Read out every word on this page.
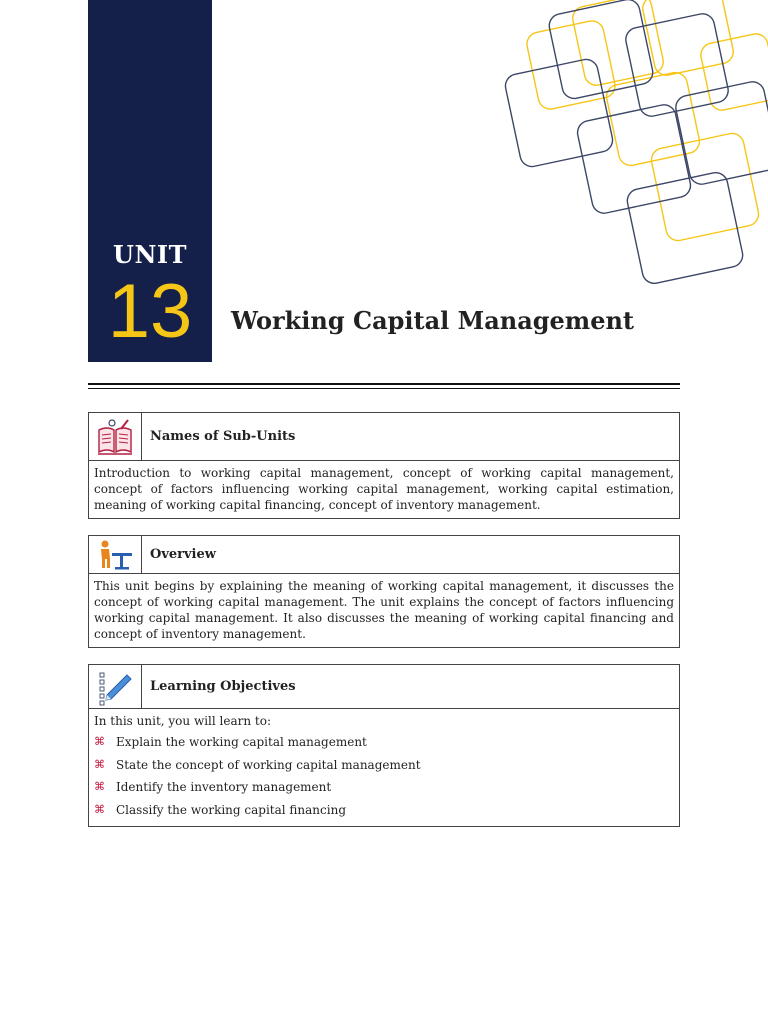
UNIT
13	Working Capital Management
Names of Sub-Units
Introduction to working capital management, concept of working capital management, concept of factors influencing working capital management, working capital estimation, meaning of working capital financing, concept of inventory management.
Overview
This unit begins by explaining the meaning of working capital management, it discusses the concept of working capital management. The unit explains the concept of factors influencing working capital management. It also discusses the meaning of working capital financing and concept of inventory management.
Learning Objectives
In this unit, you will learn to:
⌘ Explain the working capital management
⌘ State the concept of working capital management
⌘ Identify the inventory management
⌘ Classify the working capital financing
